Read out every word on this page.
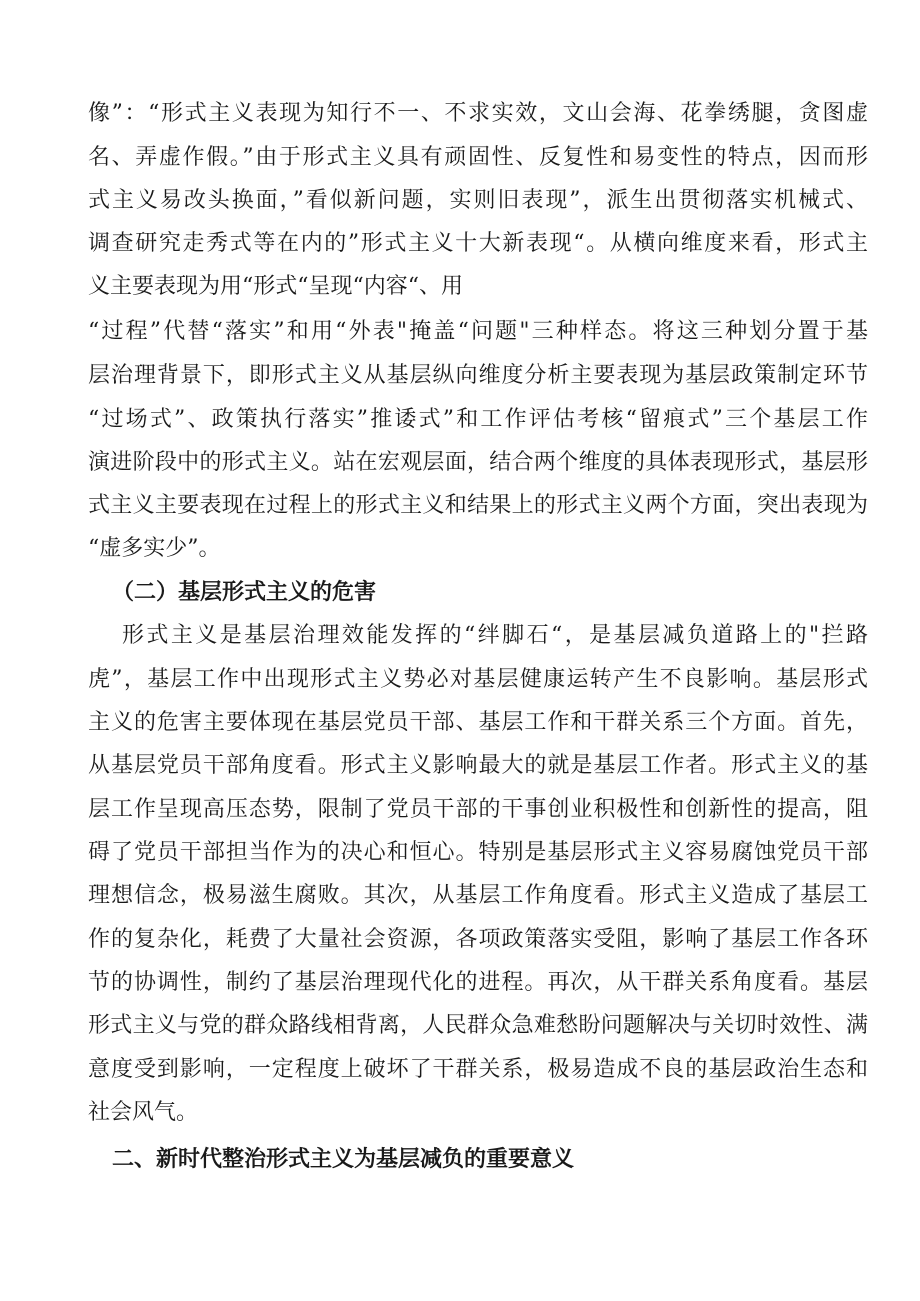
像”：“形式主义表现为知行不一、不求实效，文山会海、花拳绣腿，贪图虚
名、弄虚作假。”由于形式主义具有顽固性、反复性和易变性的特点，因而形
式主义易改头换面，”看似新问题，实则旧表现”，派生出贯彻落实机械式、
调查研究走秀式等在内的”形式主义十大新表现“。从横向维度来看，形式主
义主要表现为用“形式“呈现“内容“、用
“过程”代替“落实”和用“外表"掩盖“问题"三种样态。将这三种划分置于基
层治理背景下，即形式主义从基层纵向维度分析主要表现为基层政策制定环节
“过场式”、政策执行落实”推诿式”和工作评估考核“留痕式”三个基层工作
演进阶段中的形式主义。站在宏观层面，结合两个维度的具体表现形式，基层形
式主义主要表现在过程上的形式主义和结果上的形式主义两个方面，突出表现为
“虚多实少”。
（二）基层形式主义的危害
形式主义是基层治理效能发挥的“绊脚石“，是基层减负道路上的"拦路
虎”，基层工作中出现形式主义势必对基层健康运转产生不良影响。基层形式
主义的危害主要体现在基层党员干部、基层工作和干群关系三个方面。首先，
从基层党员干部角度看。形式主义影响最大的就是基层工作者。形式主义的基
层工作呈现高压态势，限制了党员干部的干事创业积极性和创新性的提高，阻
碍了党员干部担当作为的决心和恒心。特别是基层形式主义容易腐蚀党员干部
理想信念，极易滋生腐败。其次，从基层工作角度看。形式主义造成了基层工
作的复杂化，耗费了大量社会资源，各项政策落实受阻，影响了基层工作各环
节的协调性，制约了基层治理现代化的进程。再次，从干群关系角度看。基层
形式主义与党的群众路线相背离，人民群众急难愁盼问题解决与关切时效性、满
意度受到影响，一定程度上破坏了干群关系，极易造成不良的基层政治生态和
社会风气。
二、新时代整治形式主义为基层减负的重要意义
